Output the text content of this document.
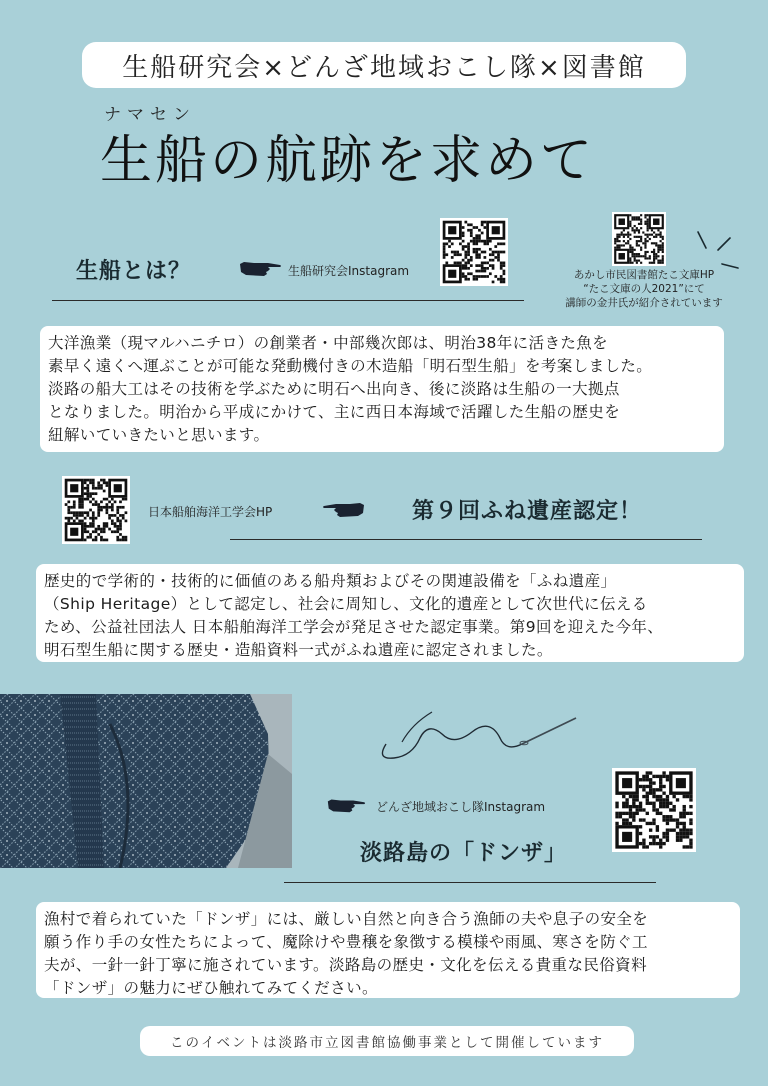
生船研究会×どんざ地域おこし隊×図書館
ナマセン
生船の航跡を求めて
生船とは？	生船研究会Instagram	あかし市民図書館たこ文庫HP
“たこ文庫の人2021”にて
講師の金井氏が紹介されています
大洋漁業（現マルハニチロ）の創業者・中部幾次郎は、明治38年に活きた魚を
素早く遠くへ運ぶことが可能な発動機付きの木造船「明石型生船」を考案しました。
淡路の船大工はその技術を学ぶために明石へ出向き、後に淡路は生船の一大拠点
となりました。明治から平成にかけて、主に西日本海域で活躍した生船の歴史を
紐解いていきたいと思います。
日本船舶海洋工学会HP	第９回ふね遺産認定！
歴史的で学術的・技術的に価値のある船舟類およびその関連設備を「ふね遺産」
（Ship Heritage）として認定し、社会に周知し、文化的遺産として次世代に伝える
ため、公益社団法人 日本船舶海洋工学会が発足させた認定事業。第9回を迎えた今年、
明石型生船に関する歴史・造船資料一式がふね遺産に認定されました。
どんざ地域おこし隊Instagram
淡路島の「ドンザ」
漁村で着られていた「ドンザ」には、厳しい自然と向き合う漁師の夫や息子の安全を
願う作り手の女性たちによって、魔除けや豊穣を象徴する模様や雨風、寒さを防ぐ工
夫が、一針一針丁寧に施されています。淡路島の歴史・文化を伝える貴重な民俗資料
「ドンザ」の魅力にぜひ触れてみてください。
このイベントは淡路市立図書館協働事業として開催しています
